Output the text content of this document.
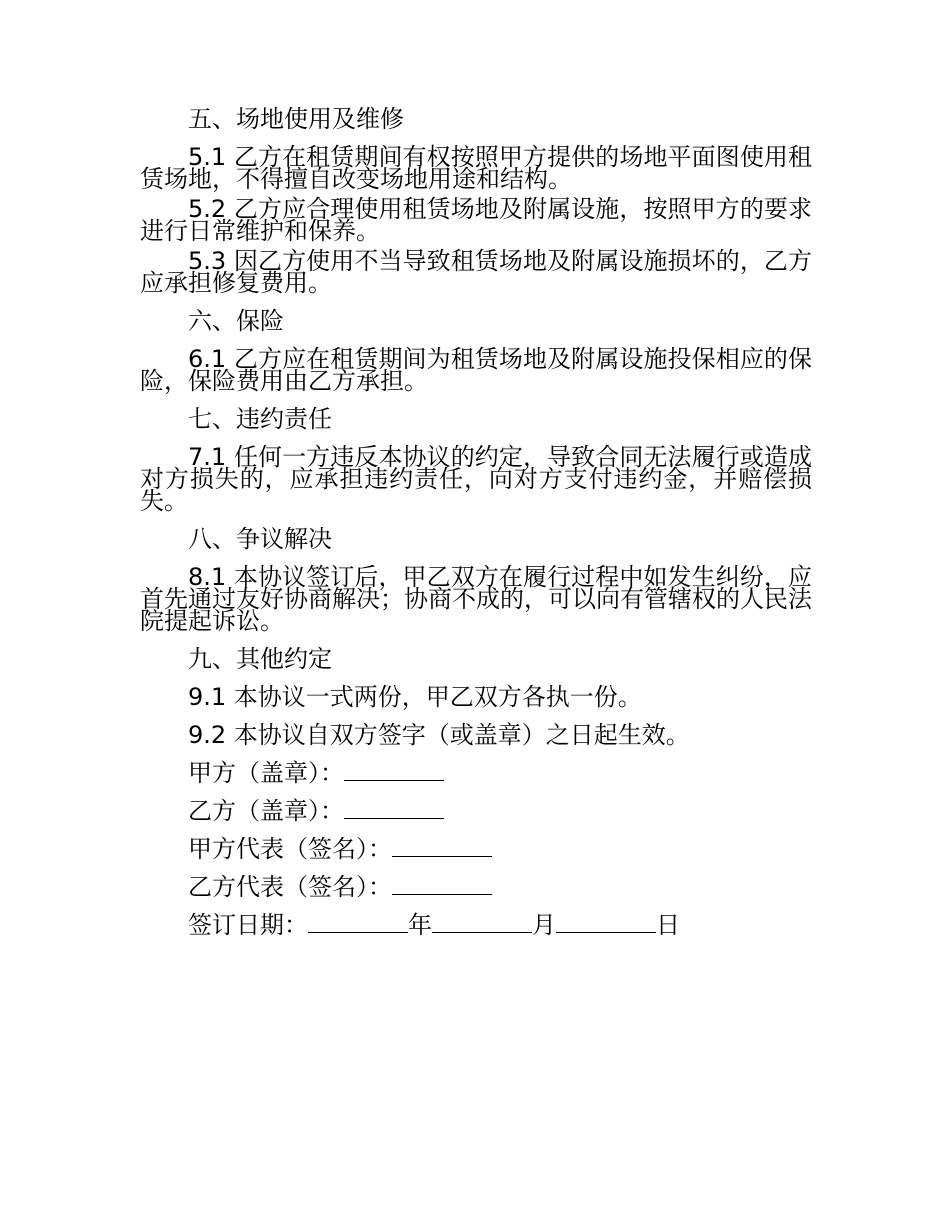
五、场地使用及维修

5.1 乙方在租赁期间有权按照甲方提供的场地平面图使用租赁场地，不得擅自改变场地用途和结构。

5.2 乙方应合理使用租赁场地及附属设施，按照甲方的要求进行日常维护和保养。

5.3 因乙方使用不当导致租赁场地及附属设施损坏的，乙方应承担修复费用。

六、保险

6.1 乙方应在租赁期间为租赁场地及附属设施投保相应的保险，保险费用由乙方承担。

七、违约责任

7.1 任何一方违反本协议的约定，导致合同无法履行或造成对方损失的，应承担违约责任，向对方支付违约金，并赔偿损失。

八、争议解决

8.1 本协议签订后，甲乙双方在履行过程中如发生纠纷，应首先通过友好协商解决；协商不成的，可以向有管辖权的人民法院提起诉讼。

九、其他约定
9.1 本协议一式两份，甲乙双方各执一份。
9.2 本协议自双方签字（或盖章）之日起生效。
甲方（盖章）：
乙方（盖章）：
甲方代表（签名）：
乙方代表（签名）：
签订日期：	年	月	日
